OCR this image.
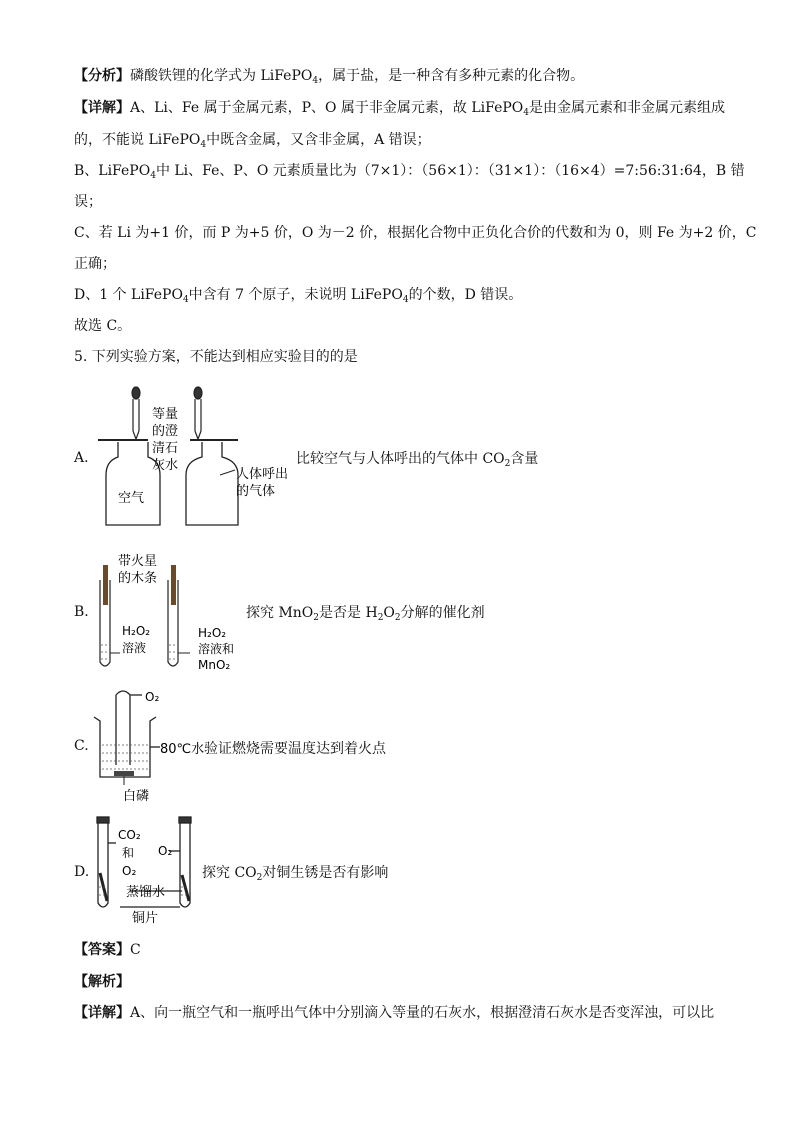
【分析】磷酸铁锂的化学式为 LiFePO$_4$，属于盐，是一种含有多种元素的化合物。
【详解】A、Li、Fe 属于金属元素，P、O 属于非金属元素，故 LiFePO$_4$是由金属元素和非金属元素组成
的，不能说 LiFePO$_4$中既含金属，又含非金属，A 错误；
B、LiFePO$_4$中 Li、Fe、P、O 元素质量比为（7×1）：（56×1）：（31×1）：（16×4）=7:56:31:64，B 错
误；
C、若 Li 为+1 价，而 P 为+5 价，O 为－2 价，根据化合物中正负化合价的代数和为 0，则 Fe 为+2 价，C
正确；
D、1 个 LiFePO$_4$中含有 7 个原子，未说明 LiFePO$_4$的个数，D 错误。
故选 C。
5. 下列实验方案，不能达到相应实验目的的是
A.
等量
的澄
清石
灰水
空气
人体呼出
的气体
比较空气与人体呼出的气体中 $CO_2$含量
B.
带火星
的木条
H₂O₂
溶液
H₂O₂
溶液和
MnO₂
探究 MnO$_2$是否是 $H_2O_2$分解的催化剂
C.
O₂
80℃水
白磷
验证燃烧需要温度达到着火点
D.
CO₂
和
O₂
O₂
蒸馏水
铜片
探究 $CO_2$对铜生锈是否有影响
【答案】C
【解析】
【详解】A、向一瓶空气和一瓶呼出气体中分别滴入等量的石灰水，根据澄清石灰水是否变浑浊，可以比
